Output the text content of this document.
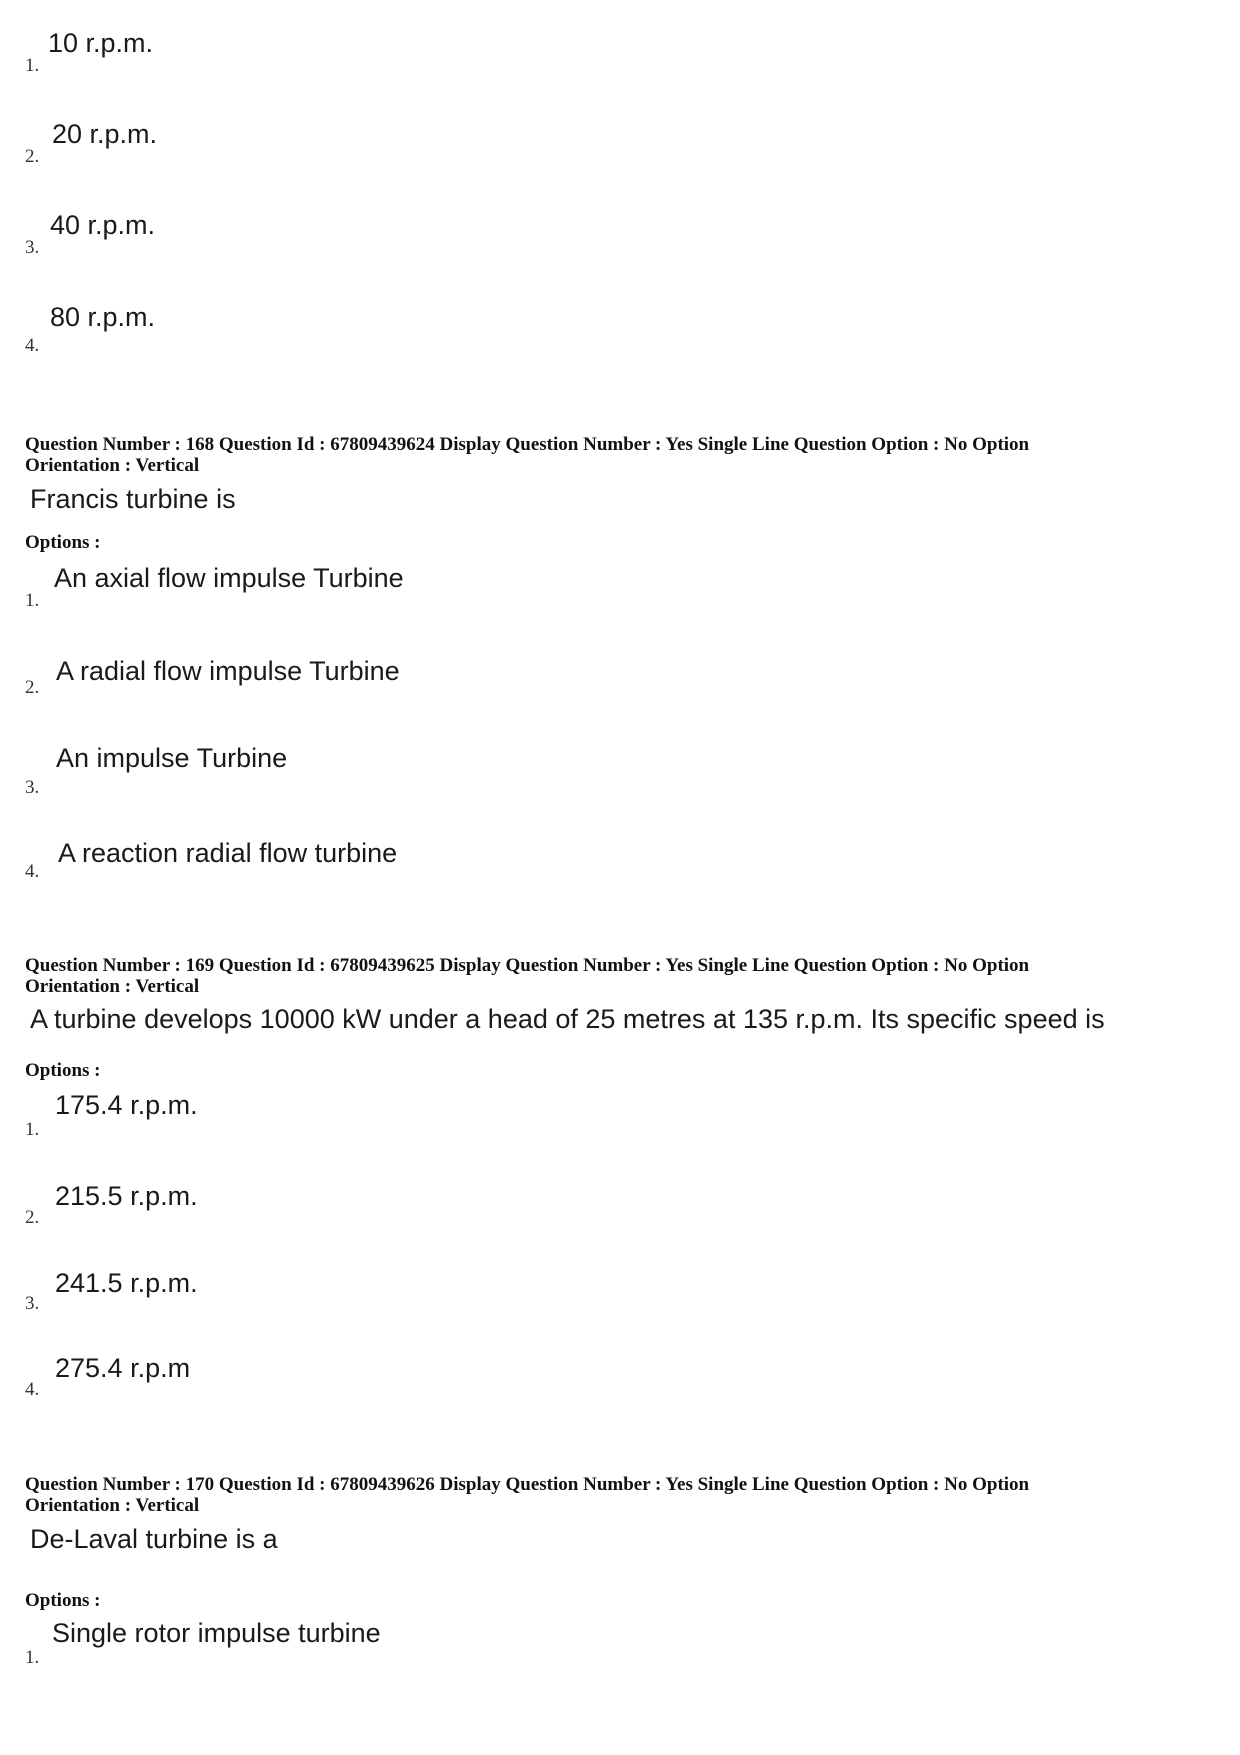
1.
10 r.p.m.
2.
20 r.p.m.
3.
40 r.p.m.
4.
80 r.p.m.
Question Number : 168 Question Id : 67809439624 Display Question Number : Yes Single Line Question Option : No Option
Orientation : Vertical
Francis turbine is
Options :
1.
An axial flow impulse Turbine
2.
A radial flow impulse Turbine
3.
An impulse Turbine
4.
A reaction radial flow turbine
Question Number : 169 Question Id : 67809439625 Display Question Number : Yes Single Line Question Option : No Option
Orientation : Vertical
A turbine develops 10000 kW under a head of 25 metres at 135 r.p.m. Its specific speed is
Options :
1.
175.4 r.p.m.
2.
215.5 r.p.m.
3.
241.5 r.p.m.
4.
275.4 r.p.m
Question Number : 170 Question Id : 67809439626 Display Question Number : Yes Single Line Question Option : No Option
Orientation : Vertical
De-Laval turbine is a
Options :
1.
Single rotor impulse turbine
